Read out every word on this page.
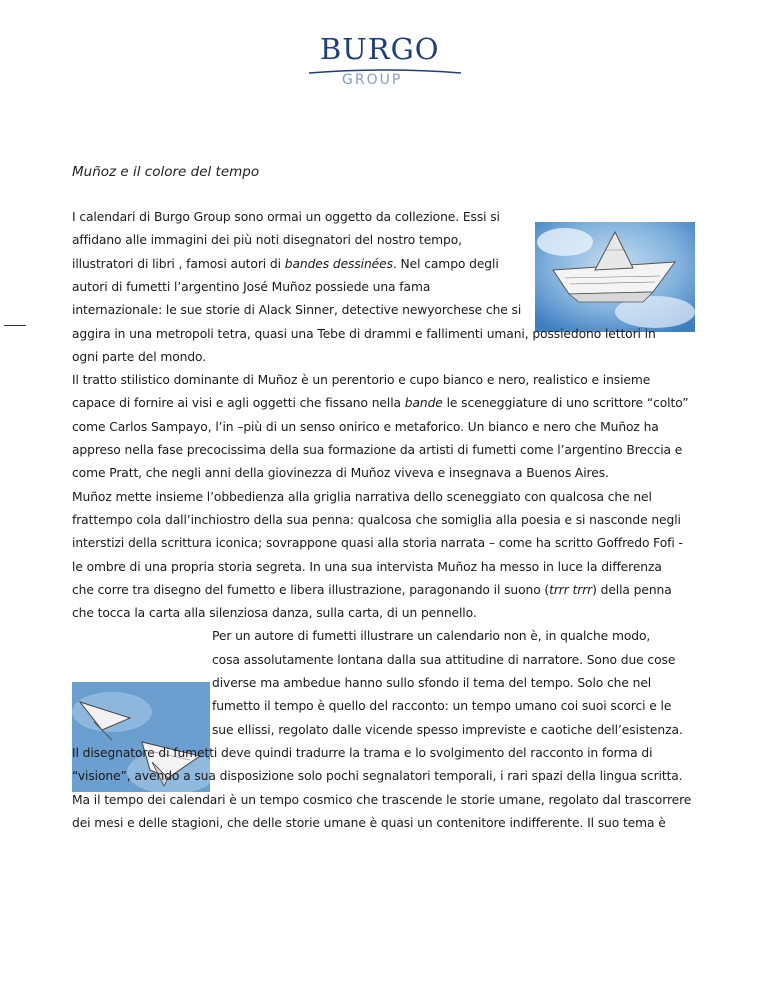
BURGO
GROUP
Muñoz e il colore del tempo
I calendari di Burgo Group sono ormai un oggetto da collezione. Essi si
affidano alle immagini dei più noti disegnatori del nostro tempo,
illustratori di libri , famosi autori di bandes dessinées. Nel campo degli
autori di fumetti l’argentino José Muñoz possiede una fama
internazionale: le sue storie di Alack Sinner, detective newyorchese che si
aggira in una metropoli tetra, quasi una Tebe di drammi e fallimenti umani, possiedono lettori in
ogni parte del mondo.
Il tratto stilistico dominante di Muñoz è un perentorio e cupo bianco e nero, realistico e insieme
capace di fornire ai visi e agli oggetti che fissano nella bande le sceneggiature di uno scrittore “colto”
come Carlos Sampayo, l’in –più di un senso onirico e metaforico. Un bianco e nero che Muñoz ha
appreso nella fase precocissima della sua formazione da artisti di fumetti come l’argentino Breccia e
come Pratt, che negli anni della giovinezza di Muñoz viveva e insegnava a Buenos Aires.
Muñoz mette insieme l’obbedienza alla griglia narrativa dello sceneggiato con qualcosa che nel
frattempo cola dall’inchiostro della sua penna: qualcosa che somiglia alla poesia e si nasconde negli
interstizi della scrittura iconica; sovrappone quasi alla storia narrata – come ha scritto Goffredo Fofi -
le ombre di una propria storia segreta. In una sua intervista Muñoz ha messo in luce la differenza
che corre tra disegno del fumetto e libera illustrazione, paragonando il suono (trrr trrr) della penna
che tocca la carta alla silenziosa danza, sulla carta, di un pennello.
Per un autore di fumetti illustrare un calendario non è, in qualche modo,
cosa assolutamente lontana dalla sua attitudine di narratore. Sono due cose
diverse ma ambedue hanno sullo sfondo il tema del tempo. Solo che nel
fumetto il tempo è quello del racconto: un tempo umano coi suoi scorci e le
sue ellissi, regolato dalle vicende spesso impreviste e caotiche dell’esistenza.
Il disegnatore di fumetti deve quindi tradurre la trama e lo svolgimento del racconto in forma di
“visione”, avendo a sua disposizione solo pochi segnalatori temporali, i rari spazi della lingua scritta.
Ma il tempo dei calendari è un tempo cosmico che trascende le storie umane, regolato dal trascorrere
dei mesi e delle stagioni, che delle storie umane è quasi un contenitore indifferente. Il suo tema è
